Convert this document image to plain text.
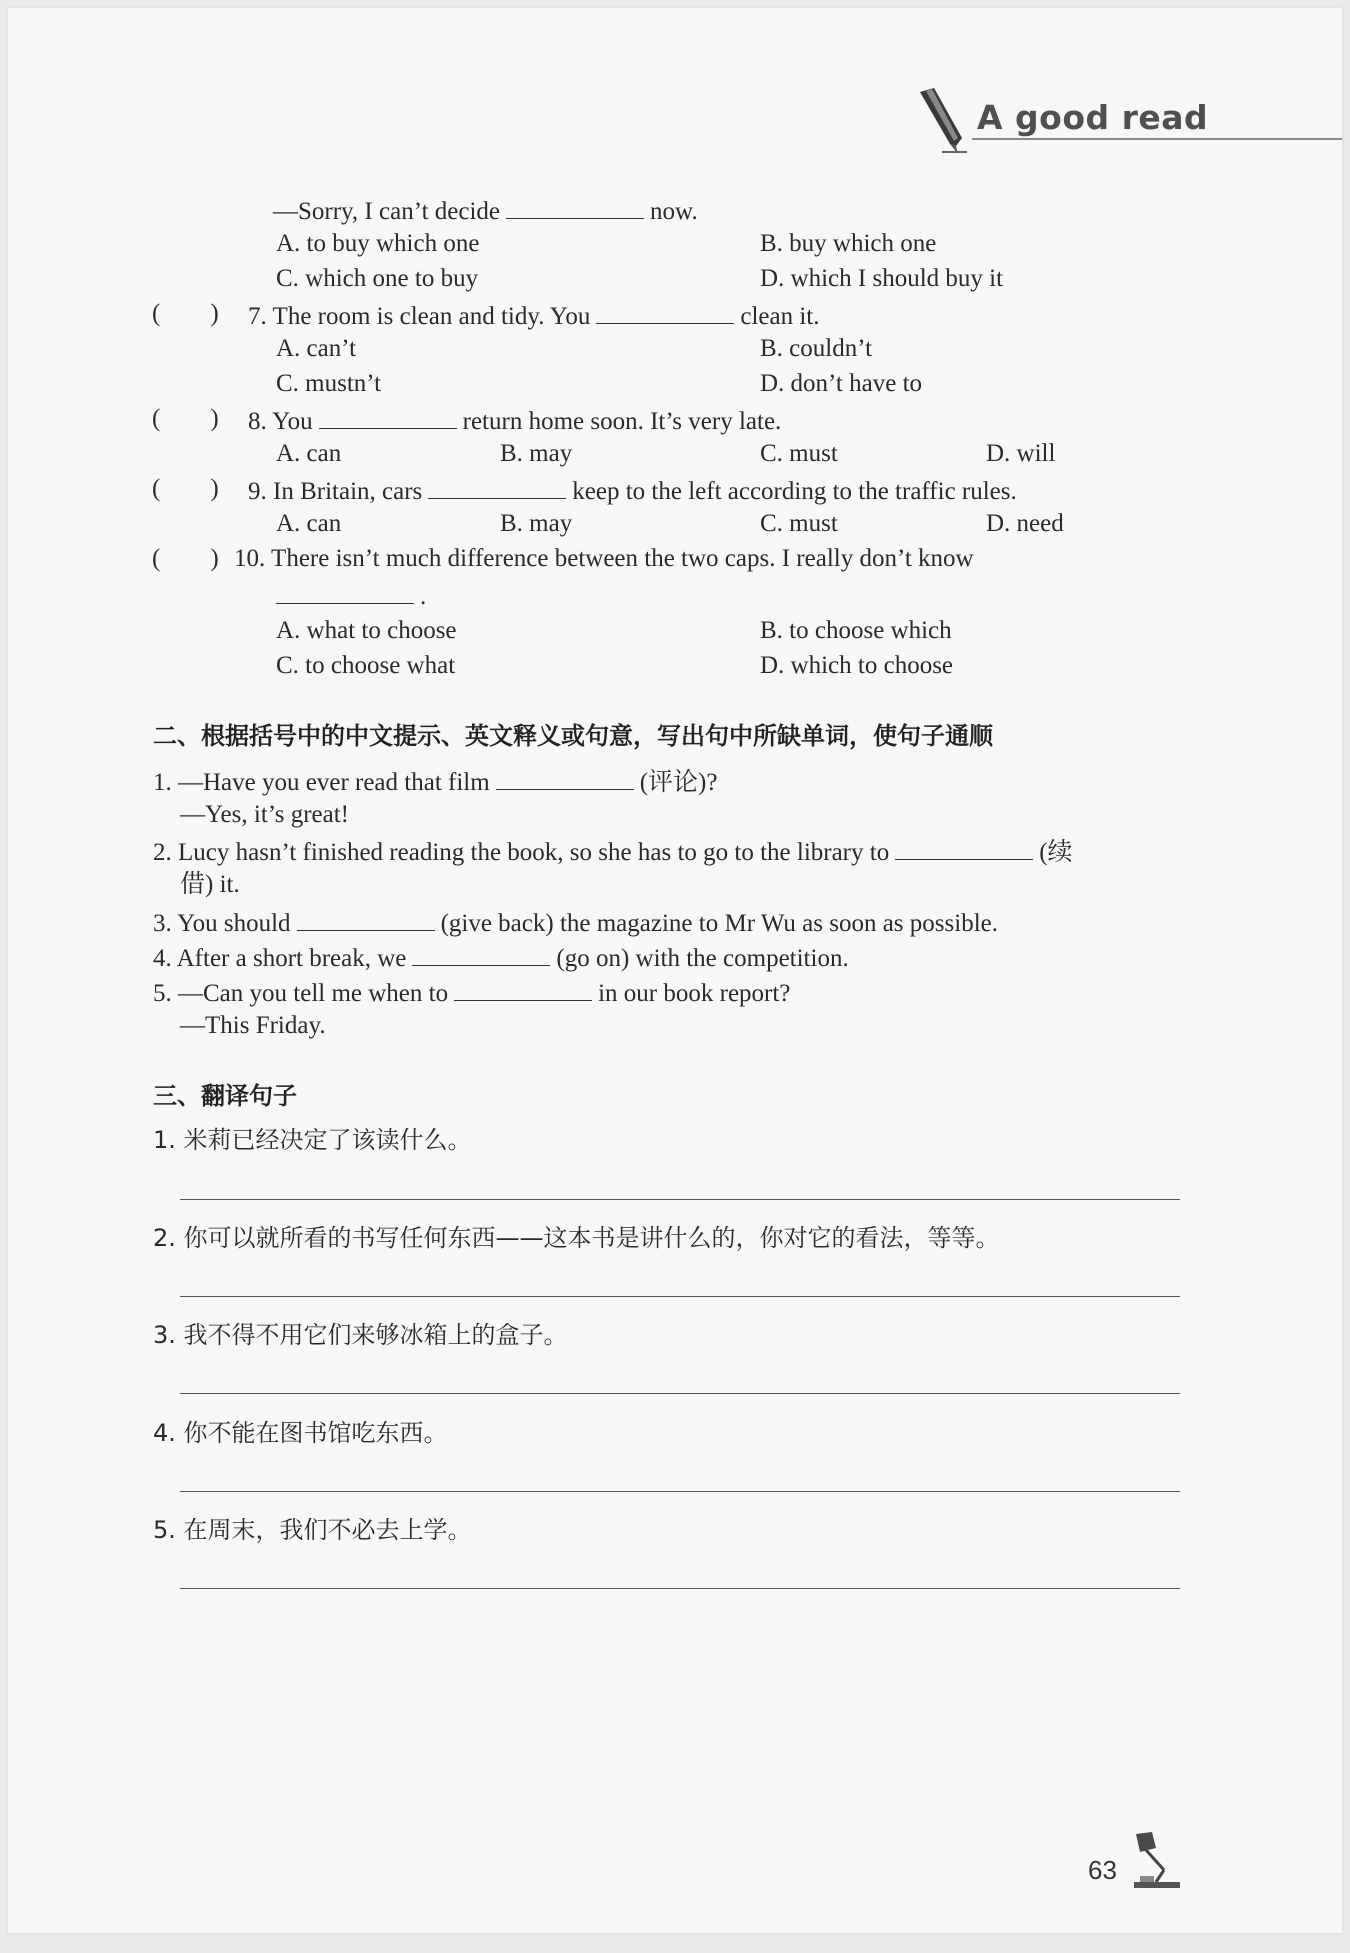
A good read
—Sorry, I can’t decide	now.
A. to buy which one	B. buy which one
C. which one to buy	D. which I should buy it
(        ) 7. The room is clean and tidy. You	clean it.
A. can’t	B. couldn’t
C. mustn’t	D. don’t have to
(        ) 8. You	return home soon. It’s very late.
A. can	B. may	C. must	D. will
(        ) 9. In Britain, cars	keep to the left according to the traffic rules.
A. can	B. may	C. must	D. need
(        ) 10. There isn’t much difference between the two caps. I really don’t know
.
A. what to choose	B. to choose which
C. to choose what	D. which to choose
二、根据括号中的中文提示、英文释义或句意，写出句中所缺单词，使句子通顺
1. —Have you ever read that film	(评论)?
—Yes, it’s great!
2. Lucy hasn’t finished reading the book, so she has to go to the library to	(续
借) it.
3. You should	(give back) the magazine to Mr Wu as soon as possible.
4. After a short break, we	(go on) with the competition.
5. —Can you tell me when to	in our book report?
—This Friday.
三、翻译句子
1. 米莉已经决定了该读什么。
2. 你可以就所看的书写任何东西——这本书是讲什么的，你对它的看法，等等。
3. 我不得不用它们来够冰箱上的盒子。
4. 你不能在图书馆吃东西。
5. 在周末，我们不必去上学。
63
